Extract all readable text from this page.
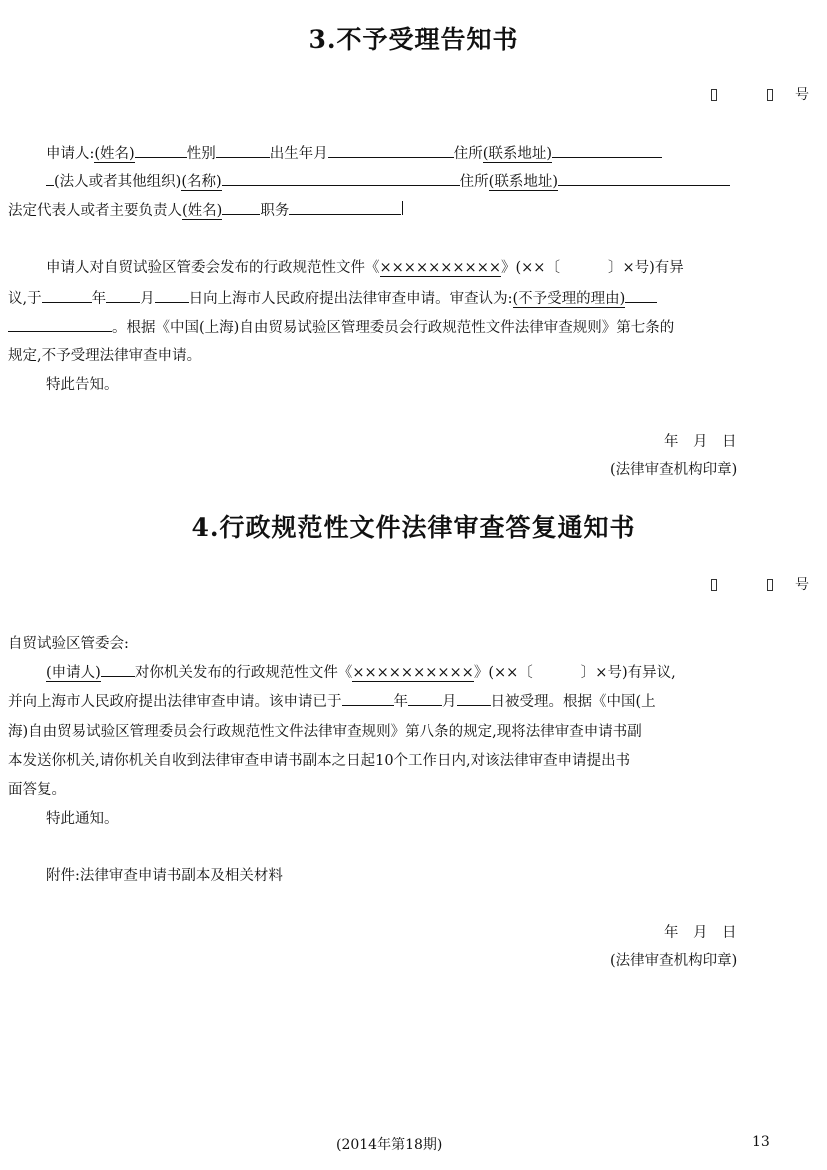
3.不予受理告知书
号
申请人:(姓名)	性别	出生年月	住所(联系地址)
(法人或者其他组织)(名称)	住所(联系地址)
法定代表人或者主要负责人(姓名)	职务
申请人对自贸试验区管委会发布的行政规范性文件《××××××××××》(××〔	〕×号)有异
议,于	年 月 日向上海市人民政府提出法律审查申请。审查认为:(不予受理的理由)
。根据《中国(上海)自由贸易试验区管理委员会行政规范性文件法律审查规则》第七条的
规定,不予受理法律审查申请。
特此告知。
年　月　日
(法律审查机构印章)
4.行政规范性文件法律审查答复通知书
号
自贸试验区管委会:
(申请人) 对你机关发布的行政规范性文件《××××××××××》(××〔	〕×号)有异议,
并向上海市人民政府提出法律审查申请。该申请已于	年 月 日被受理。根据《中国(上
海)自由贸易试验区管理委员会行政规范性文件法律审查规则》第八条的规定,现将法律审查申请书副
本发送你机关,请你机关自收到法律审查申请书副本之日起10个工作日内,对该法律审查申请提出书
面答复。
特此通知。
附件:法律审查申请书副本及相关材料
年　月　日
(法律审查机构印章)
(2014年第18期)	13
